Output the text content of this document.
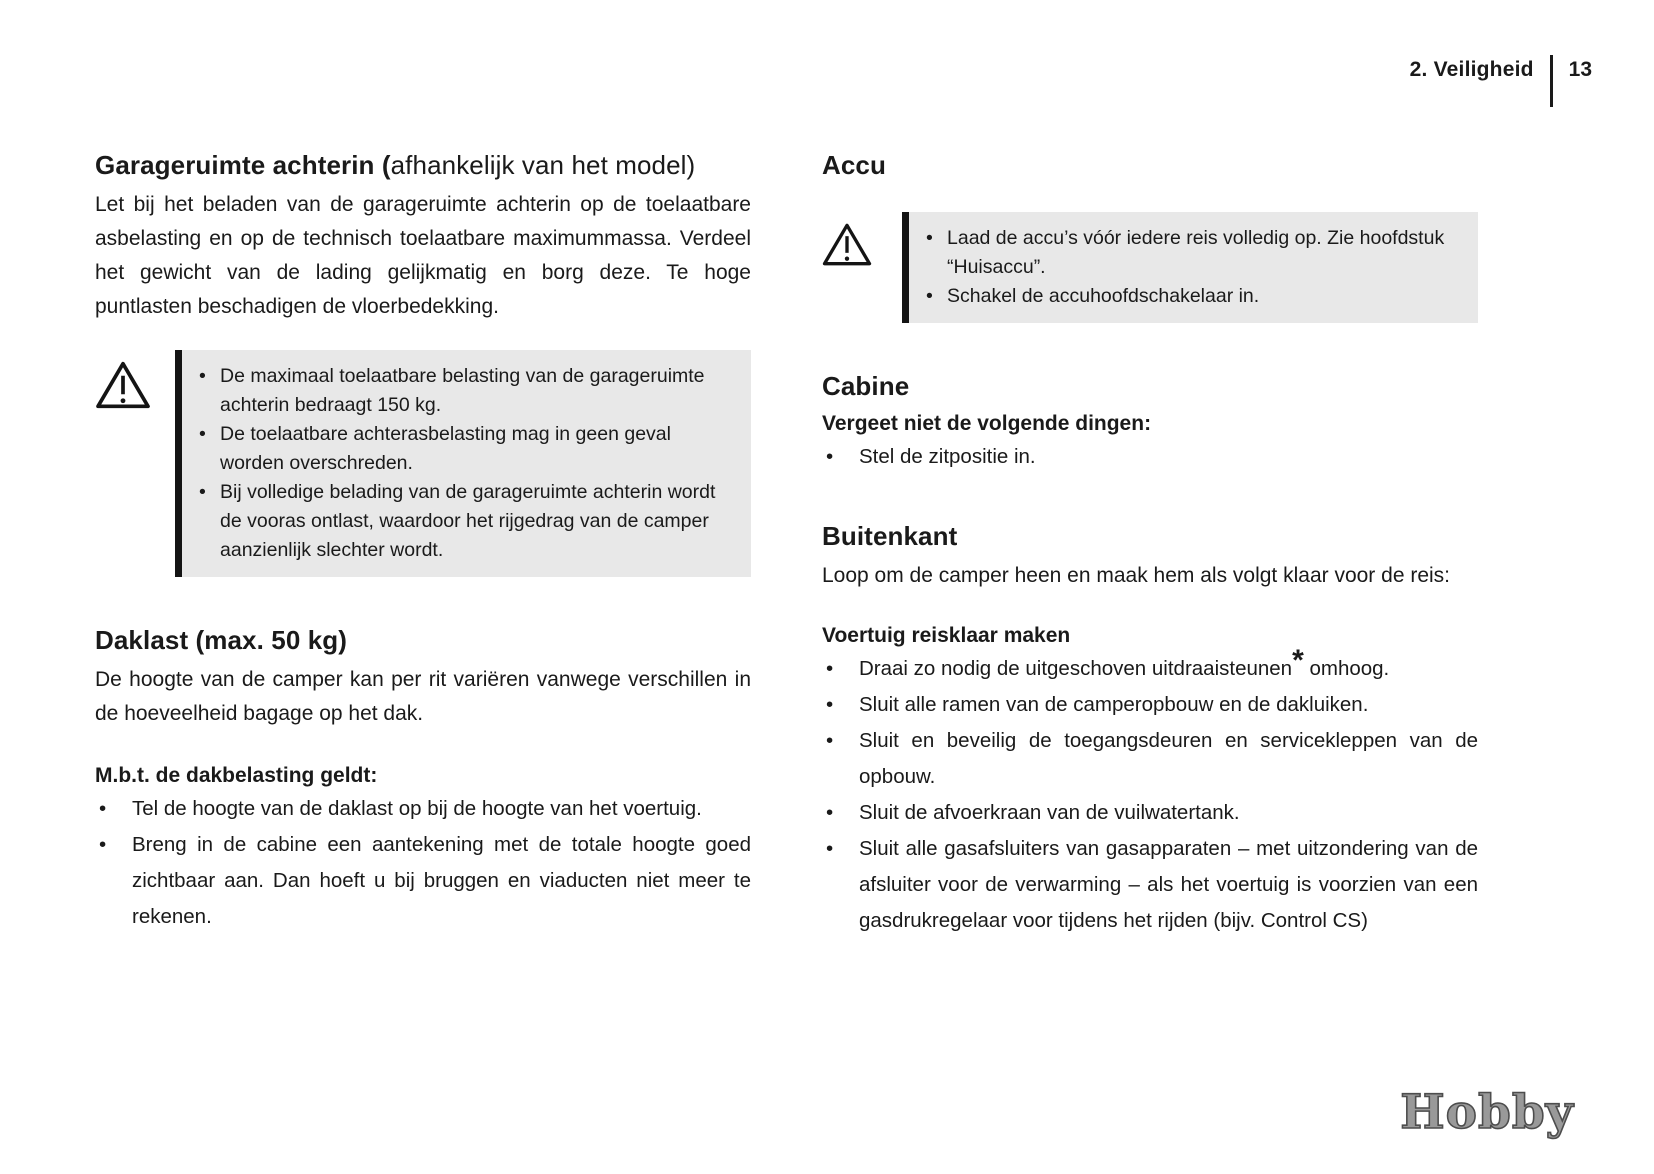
2. Veiligheid 13
Garageruimte achterin (afhankelijk van het model)

Let bij het beladen van de garageruimte achterin op de toelaatbare asbelasting en op de technisch toelaatbare maximummassa. Verdeel het gewicht van de lading gelijkmatig en borg deze. Te hoge puntlasten beschadigen de vloerbedekking.

• De maximaal toelaatbare belasting van de garageruimte achterin bedraagt 150 kg.
• De toelaatbare achterasbelasting mag in geen geval worden overschreden.
• Bij volledige belading van de garageruimte achterin wordt de vooras ontlast, waardoor het rijgedrag van de camper aanzienlijk slechter wordt.
Daklast (max. 50 kg)

De hoogte van de camper kan per rit variëren vanwege verschillen in de hoeveelheid bagage op het dak.

M.b.t. de dakbelasting geldt:
• Tel de hoogte van de daklast op bij de hoogte van het voertuig.
• Breng in de cabine een aantekening met de totale hoogte goed zichtbaar aan. Dan hoeft u bij bruggen en viaducten niet meer te rekenen.
Accu
• Laad de accu’s vóór iedere reis volledig op. Zie hoofdstuk “Huisaccu”.
• Schakel de accuhoofdschakelaar in.
Cabine
Vergeet niet de volgende dingen:
• Stel de zitpositie in.
Buitenkant

Loop om de camper heen en maak hem als volgt klaar voor de reis:

Voertuig reisklaar maken
• Draai zo nodig de uitgeschoven uitdraaisteunen* omhoog.
• Sluit alle ramen van de camperopbouw en de dakluiken.
• Sluit en beveilig de toegangsdeuren en servicekleppen van de opbouw.
• Sluit de afvoerkraan van de vuilwatertank.
• Sluit alle gasafsluiters van gasapparaten – met uitzondering van de afsluiter voor de verwarming – als het voertuig is voorzien van een gasdrukregelaar voor tijdens het rijden (bijv. Control CS)
Hobby
